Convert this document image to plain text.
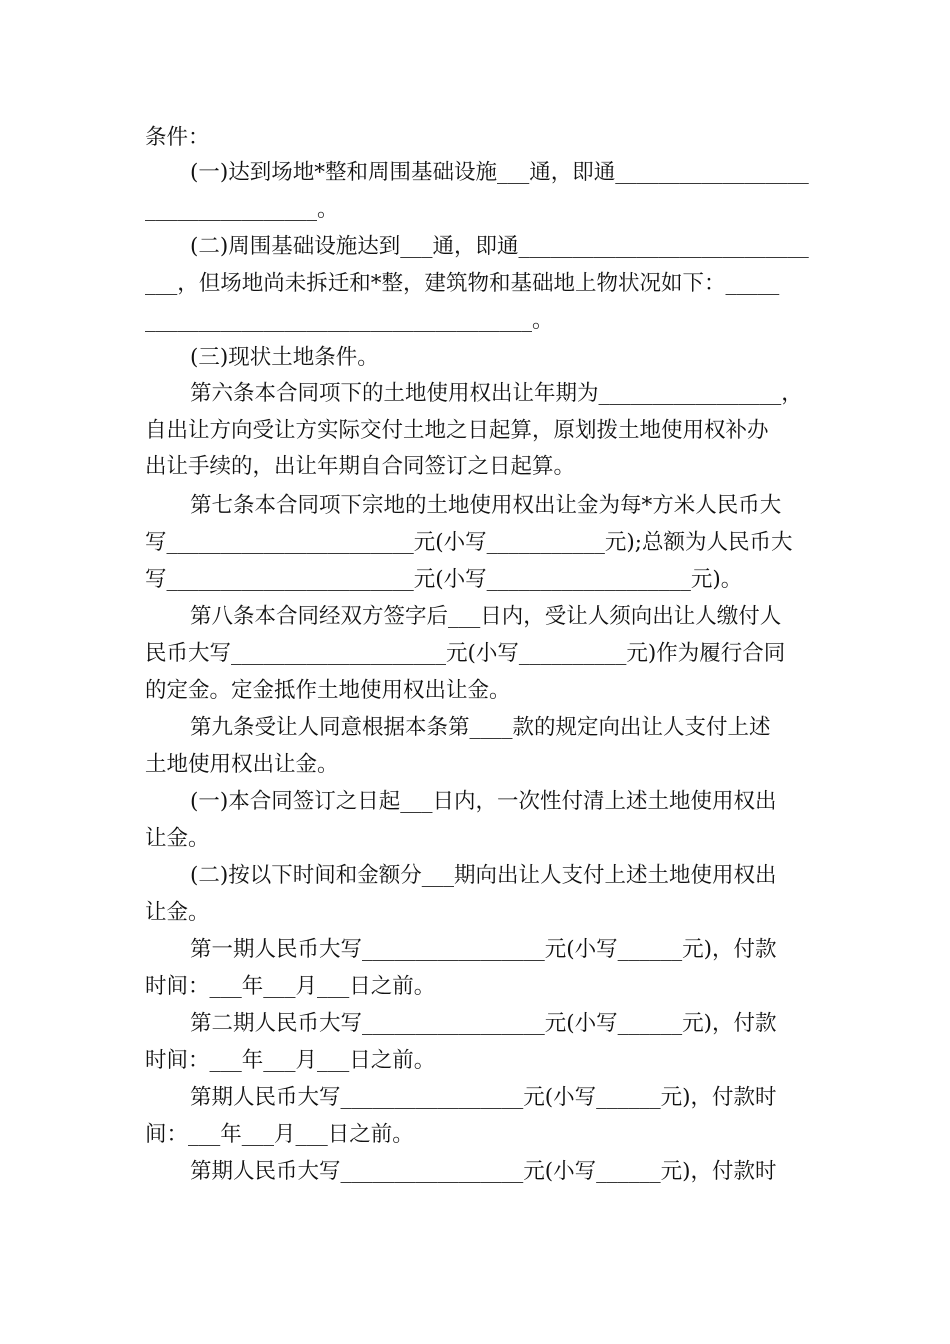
条件：
(一)达到场地*整和周围基础设施___通，即通__________________
________________。
(二)周围基础设施达到___通，即通___________________________
___，但场地尚未拆迁和*整，建筑物和基础地上物状况如下：_____
____________________________________。
(三)现状土地条件。
第六条本合同项下的土地使用权出让年期为_________________，
自出让方向受让方实际交付土地之日起算，原划拨土地使用权补办
出让手续的，出让年期自合同签订之日起算。
第七条本合同项下宗地的土地使用权出让金为每*方米人民币大
写_______________________元(小写___________元);总额为人民币大
写_______________________元(小写___________________元)。
第八条本合同经双方签字后___日内，受让人须向出让人缴付人
民币大写____________________元(小写__________元)作为履行合同
的定金。定金抵作土地使用权出让金。
第九条受让人同意根据本条第____款的规定向出让人支付上述
土地使用权出让金。
(一)本合同签订之日起___日内，一次性付清上述土地使用权出
让金。
(二)按以下时间和金额分___期向出让人支付上述土地使用权出
让金。
第一期人民币大写_________________元(小写______元)，付款
时间：___年___月___日之前。
第二期人民币大写_________________元(小写______元)，付款
时间：___年___月___日之前。
第期人民币大写_________________元(小写______元)，付款时
间：___年___月___日之前。
第期人民币大写_________________元(小写______元)，付款时
